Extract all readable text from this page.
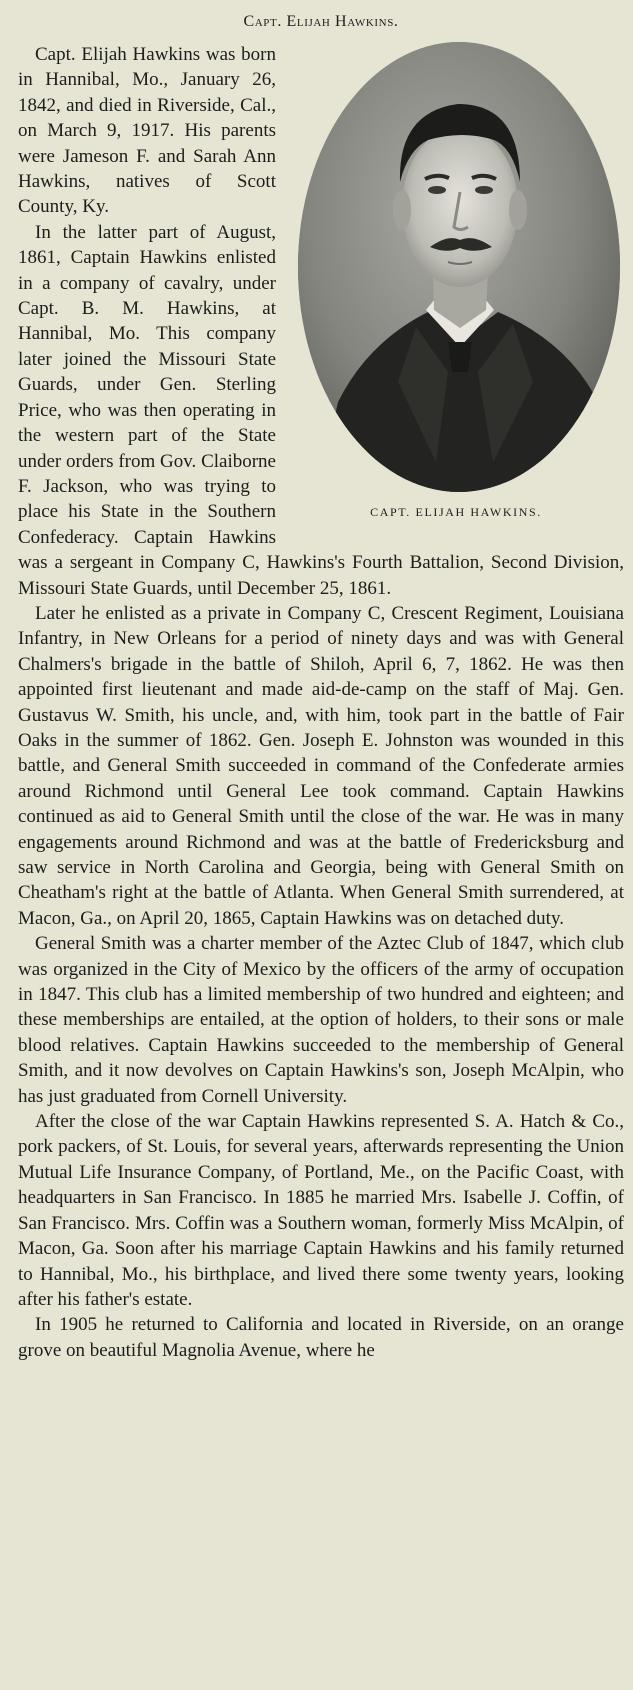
Capt. Elijah Hawkins.
CAPT. ELIJAH HAWKINS.

Capt. Elijah Hawkins was born in Hannibal, Mo., January 26, 1842, and died in Riverside, Cal., on March 9, 1917. His parents were Jameson F. and Sarah Ann Hawkins, natives of Scott County, Ky.

In the latter part of August, 1861, Captain Hawkins enlisted in a company of cavalry, under Capt. B. M. Hawkins, at Hannibal, Mo. This company later joined the Missouri State Guards, under Gen. Sterling Price, who was then operating in the western part of the State under orders from Gov. Claiborne F. Jackson, who was trying to place his State in the Southern Confederacy. Captain Hawkins was a sergeant in Company C, Hawkins's Fourth Battalion, Second Division, Missouri State Guards, until December 25, 1861.

Later he enlisted as a private in Company C, Crescent Regiment, Louisiana Infantry, in New Orleans for a period of ninety days and was with General Chalmers's brigade in the battle of Shiloh, April 6, 7, 1862. He was then appointed first lieutenant and made aid-de-camp on the staff of Maj. Gen. Gustavus W. Smith, his uncle, and, with him, took part in the battle of Fair Oaks in the summer of 1862. Gen. Joseph E. Johnston was wounded in this battle, and General Smith succeeded in command of the Confederate armies around Richmond until General Lee took command. Captain Hawkins continued as aid to General Smith until the close of the war. He was in many engagements around Richmond and was at the battle of Fredericksburg and saw service in North Carolina and Georgia, being with General Smith on Cheatham's right at the battle of Atlanta. When General Smith surrendered, at Macon, Ga., on April 20, 1865, Captain Hawkins was on detached duty.

General Smith was a charter member of the Aztec Club of 1847, which club was organized in the City of Mexico by the officers of the army of occupation in 1847. This club has a limited membership of two hundred and eighteen; and these memberships are entailed, at the option of holders, to their sons or male blood relatives. Captain Hawkins succeeded to the membership of General Smith, and it now devolves on Captain Hawkins's son, Joseph McAlpin, who has just graduated from Cornell University.

After the close of the war Captain Hawkins represented S. A. Hatch & Co., pork packers, of St. Louis, for several years, afterwards representing the Union Mutual Life Insurance Company, of Portland, Me., on the Pacific Coast, with headquarters in San Francisco. In 1885 he married Mrs. Isabelle J. Coffin, of San Francisco. Mrs. Coffin was a Southern woman, formerly Miss McAlpin, of Macon, Ga. Soon after his marriage Captain Hawkins and his family returned to Hannibal, Mo., his birthplace, and lived there some twenty years, looking after his father's estate.

In 1905 he returned to California and located in Riverside, on an orange grove on beautiful Magnolia Avenue, where he
